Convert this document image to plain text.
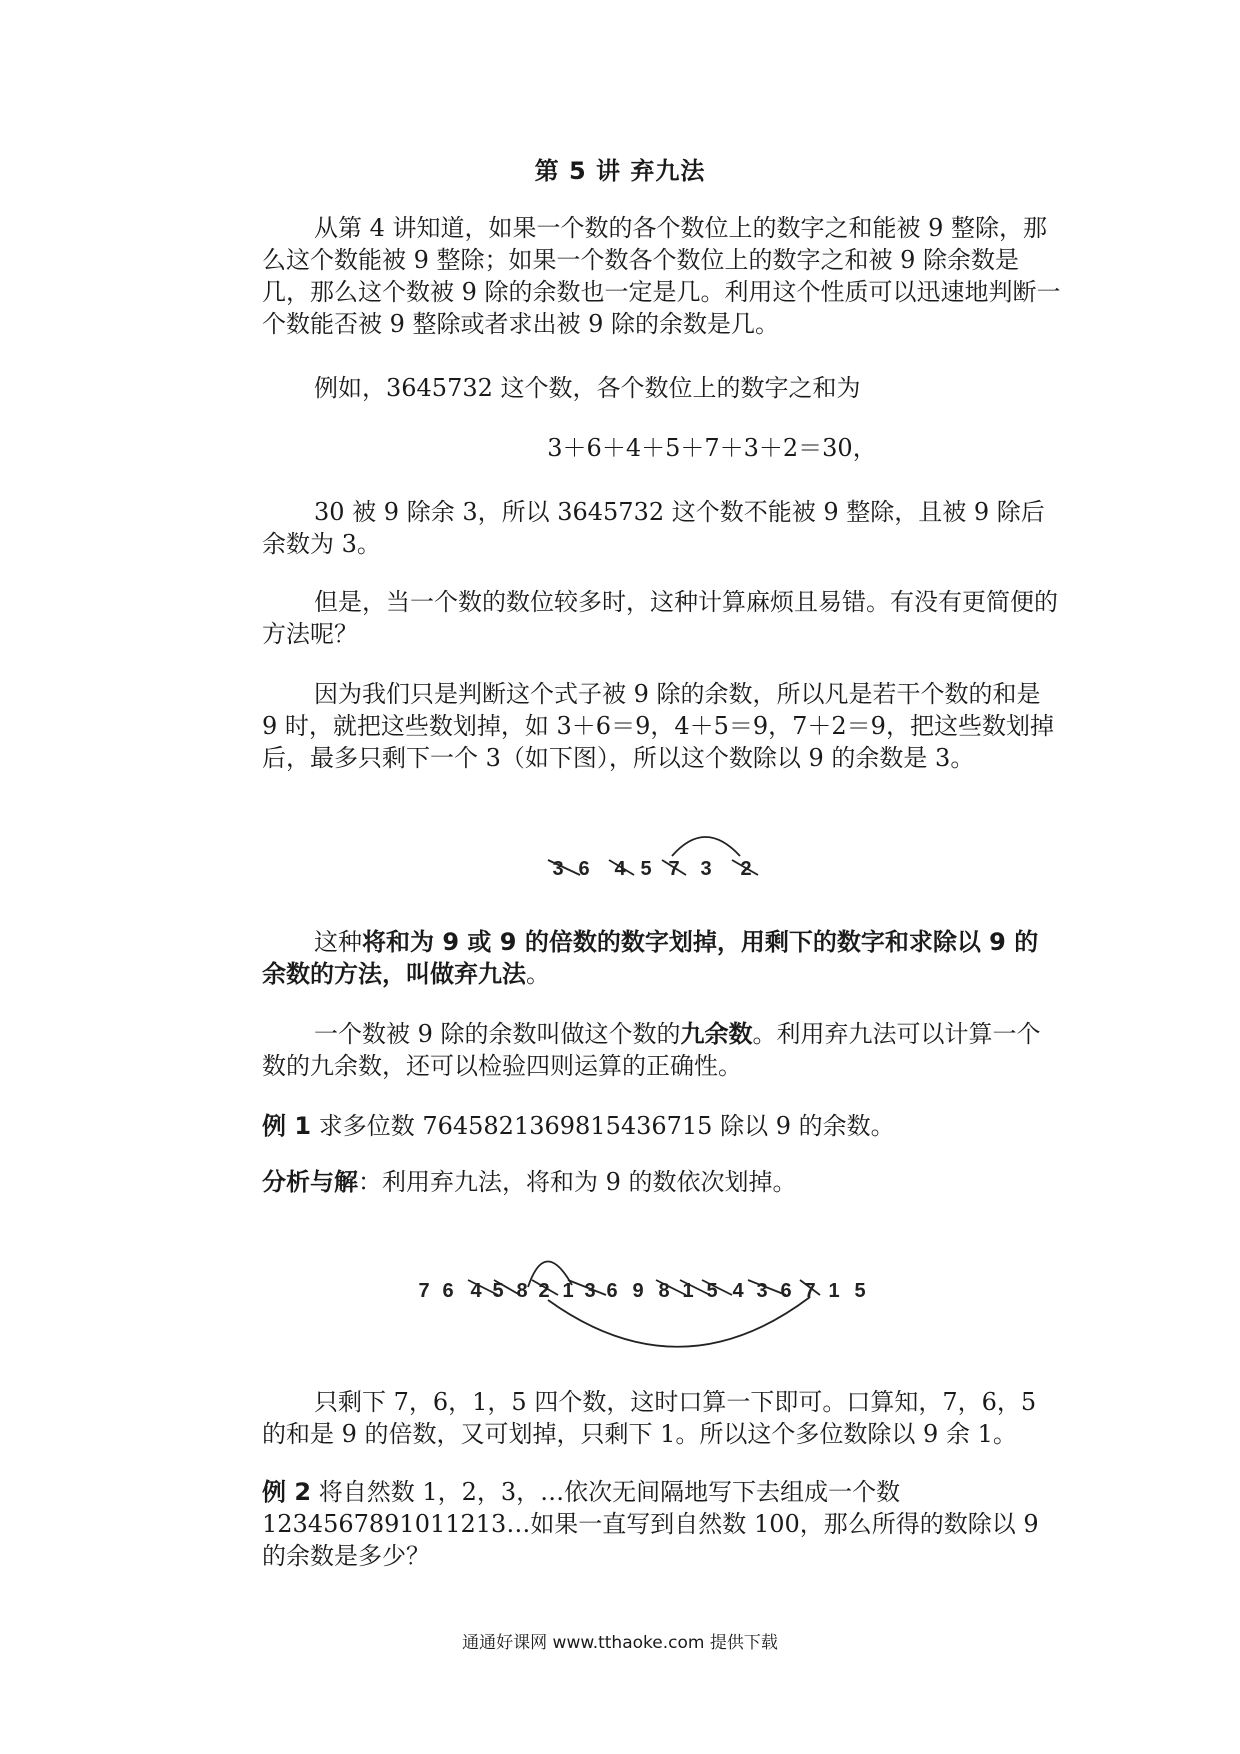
第 5 讲 弃九法
从第 4 讲知道，如果一个数的各个数位上的数字之和能被 9 整除，那么这个数能被 9 整除；如果一个数各个数位上的数字之和被 9 除余数是几，那么这个数被 9 除的余数也一定是几。利用这个性质可以迅速地判断一个数能否被 9 整除或者求出被 9 除的余数是几。
例如，3645732 这个数，各个数位上的数字之和为
3＋6＋4＋5＋7＋3＋2＝30，
30 被 9 除余 3，所以 3645732 这个数不能被 9 整除，且被 9 除后余数为 3。
但是，当一个数的数位较多时，这种计算麻烦且易错。有没有更简便的方法呢？
因为我们只是判断这个式子被 9 除的余数，所以凡是若干个数的和是 9 时，就把这些数划掉，如 3＋6＝9，4＋5＝9，7＋2＝9，把这些数划掉后，最多只剩下一个 3（如下图），所以这个数除以 9 的余数是 3。
3 6 4 5 7 3 2
这种将和为 9 或 9 的倍数的数字划掉，用剩下的数字和求除以 9 的余数的方法，叫做弃九法。
一个数被 9 除的余数叫做这个数的九余数。利用弃九法可以计算一个数的九余数，还可以检验四则运算的正确性。
例 1 求多位数 7645821369815436715 除以 9 的余数。
分析与解：利用弃九法，将和为 9 的数依次划掉。
7 6 4 5 8 2 1 3 6 9 8 1 5 4 3 6 7 1 5
只剩下 7，6，1，5 四个数，这时口算一下即可。口算知，7，6，5 的和是 9 的倍数，又可划掉，只剩下 1。所以这个多位数除以 9 余 1。
例 2 将自然数 1，2，3，…依次无间隔地写下去组成一个数
1234567891011213…如果一直写到自然数 100，那么所得的数除以 9 的余数是多少？
通通好课网 www.tthaoke.com 提供下载
